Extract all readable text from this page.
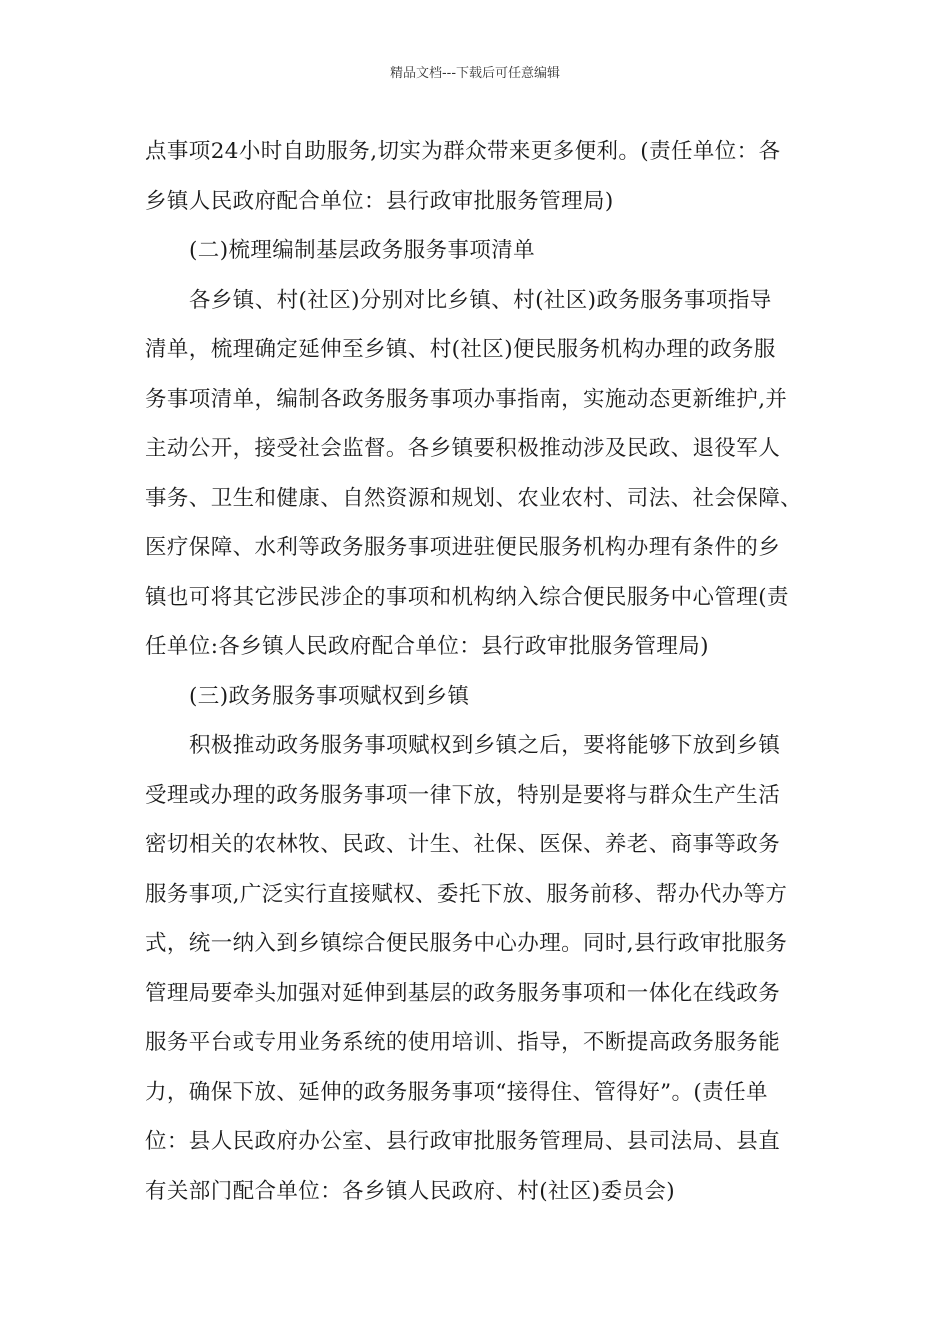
精品文档---下载后可任意编辑
点事项24小时自助服务,切实为群众带来更多便利。(责任单位：各
乡镇人民政府配合单位：县行政审批服务管理局)
(二)梳理编制基层政务服务事项清单
各乡镇、村(社区)分别对比乡镇、村(社区)政务服务事项指导
清单，梳理确定延伸至乡镇、村(社区)便民服务机构办理的政务服
务事项清单，编制各政务服务事项办事指南，实施动态更新维护,并
主动公开，接受社会监督。各乡镇要积极推动涉及民政、退役军人
事务、卫生和健康、自然资源和规划、农业农村、司法、社会保障、
医疗保障、水利等政务服务事项进驻便民服务机构办理有条件的乡
镇也可将其它涉民涉企的事项和机构纳入综合便民服务中心管理(责
任单位:各乡镇人民政府配合单位：县行政审批服务管理局)
(三)政务服务事项赋权到乡镇
积极推动政务服务事项赋权到乡镇之后，要将能够下放到乡镇
受理或办理的政务服务事项一律下放，特别是要将与群众生产生活
密切相关的农林牧、民政、计生、社保、医保、养老、商事等政务
服务事项,广泛实行直接赋权、委托下放、服务前移、帮办代办等方
式，统一纳入到乡镇综合便民服务中心办理。同时,县行政审批服务
管理局要牵头加强对延伸到基层的政务服务事项和一体化在线政务
服务平台或专用业务系统的使用培训、指导，不断提高政务服务能
力，确保下放、延伸的政务服务事项“接得住、管得好”。(责任单
位：县人民政府办公室、县行政审批服务管理局、县司法局、县直
有关部门配合单位：各乡镇人民政府、村(社区)委员会)
